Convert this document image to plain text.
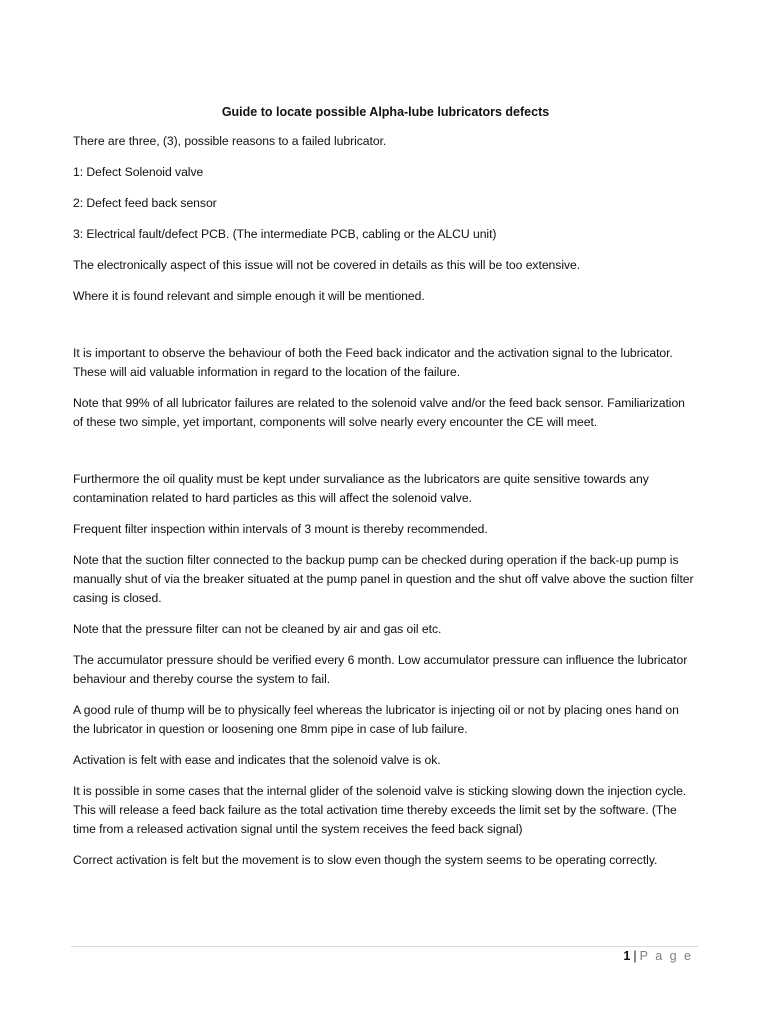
Guide to locate possible Alpha-lube lubricators defects

There are three, (3), possible reasons to a failed lubricator.

1: Defect Solenoid valve

2: Defect feed back sensor

3: Electrical fault/defect PCB. (The intermediate PCB, cabling or the ALCU unit)

The electronically aspect of this issue will not be covered in details as this will be too extensive.

Where it is found relevant and simple enough it will be mentioned.

It is important to observe the behaviour of both the Feed back indicator and the activation signal to the lubricator. These will aid valuable information in regard to the location of the failure.

Note that 99% of all lubricator failures are related to the solenoid valve and/or the feed back sensor. Familiarization of these two simple, yet important, components will solve nearly every encounter the CE will meet.

Furthermore the oil quality must be kept under survaliance as the lubricators are quite sensitive towards any contamination related to hard particles as this will affect the solenoid valve.

Frequent filter inspection within intervals of 3 mount is thereby recommended.

Note that the suction filter connected to the backup pump can be checked during operation if the back-up pump is manually shut of via the breaker situated at the pump panel in question and the shut off valve above the suction filter casing is closed.

Note that the pressure filter can not be cleaned by air and gas oil etc.

The accumulator pressure should be verified every 6 month. Low accumulator pressure can influence the lubricator behaviour and thereby course the system to fail.

A good rule of thump will be to physically feel whereas the lubricator is injecting oil or not by placing ones hand on the lubricator in question or loosening one 8mm pipe in case of lub failure.

Activation is felt with ease and indicates that the solenoid valve is ok.

It is possible in some cases that the internal glider of the solenoid valve is sticking slowing down the injection cycle. This will release a feed back failure as the total activation time thereby exceeds the limit set by the software. (The time from a released activation signal until the system receives the feed back signal)

Correct activation is felt but the movement is to slow even though the system seems to be operating correctly.

1 | P a g e
